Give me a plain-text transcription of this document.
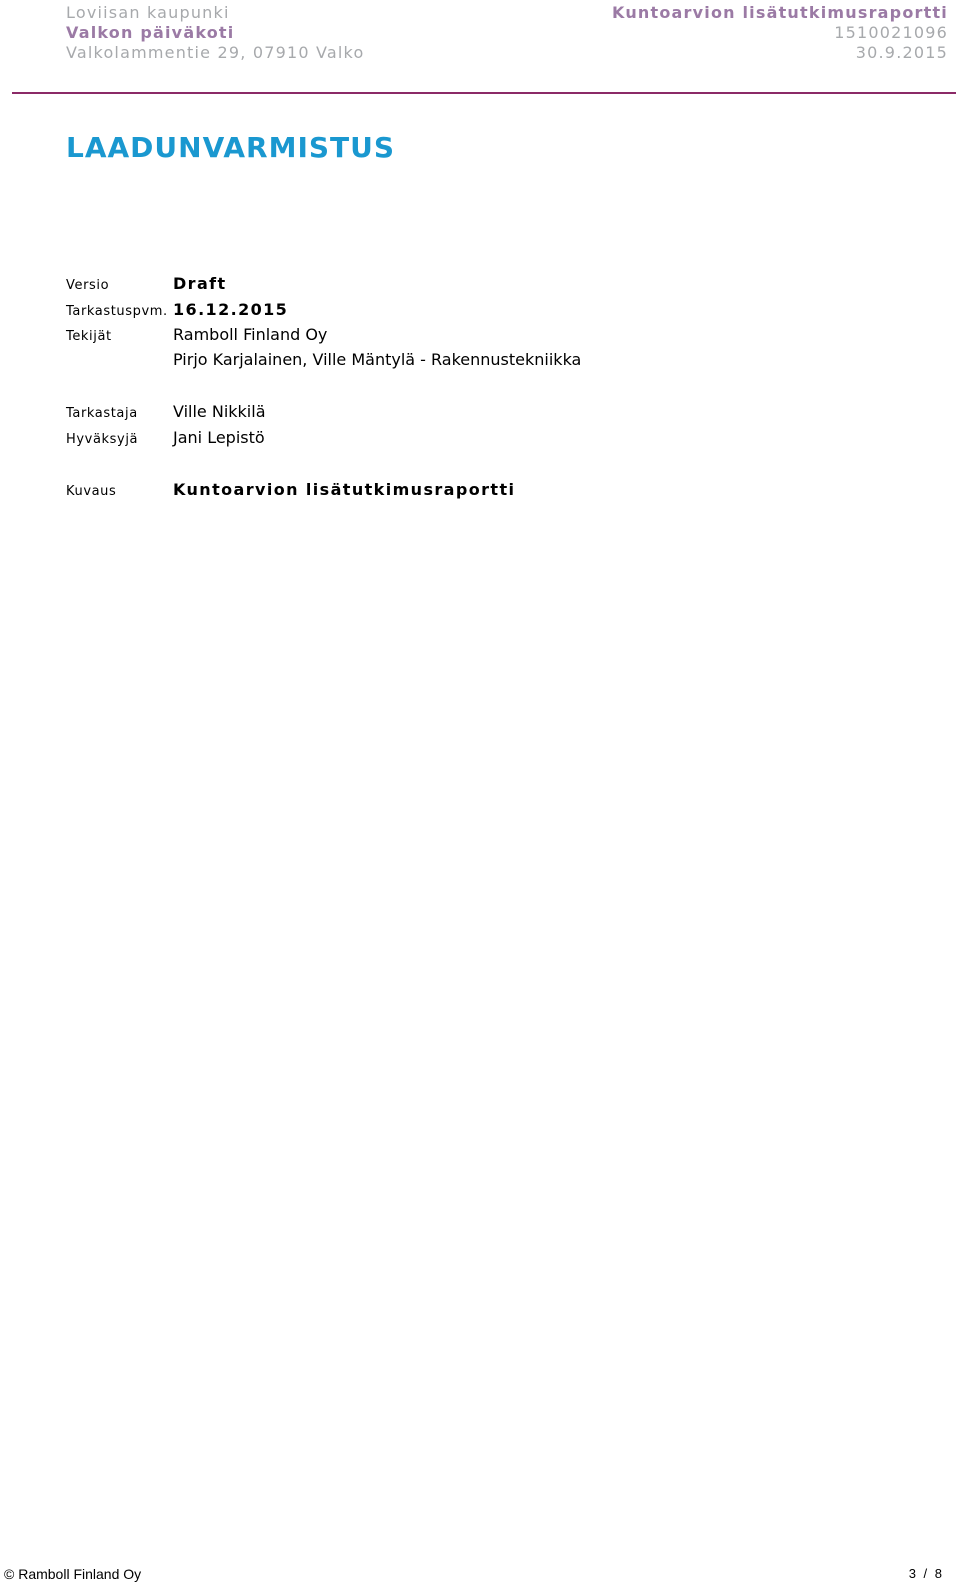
Loviisan kaupunki
Valkon päiväkoti
Valkolammentie 29, 07910 Valko
Kuntoarvion lisätutkimusraportti
1510021096
30.9.2015
LAADUNVARMISTUS
Versio	Draft
Tarkastuspvm. 16.12.2015
Tekijät	Ramboll Finland Oy
Pirjo Karjalainen, Ville Mäntylä - Rakennustekniikka
Tarkastaja Ville Nikkilä
Hyväksyjä Jani Lepistö
Kuvaus	Kuntoarvion lisätutkimusraportti
© Ramboll Finland Oy	3 / 8
